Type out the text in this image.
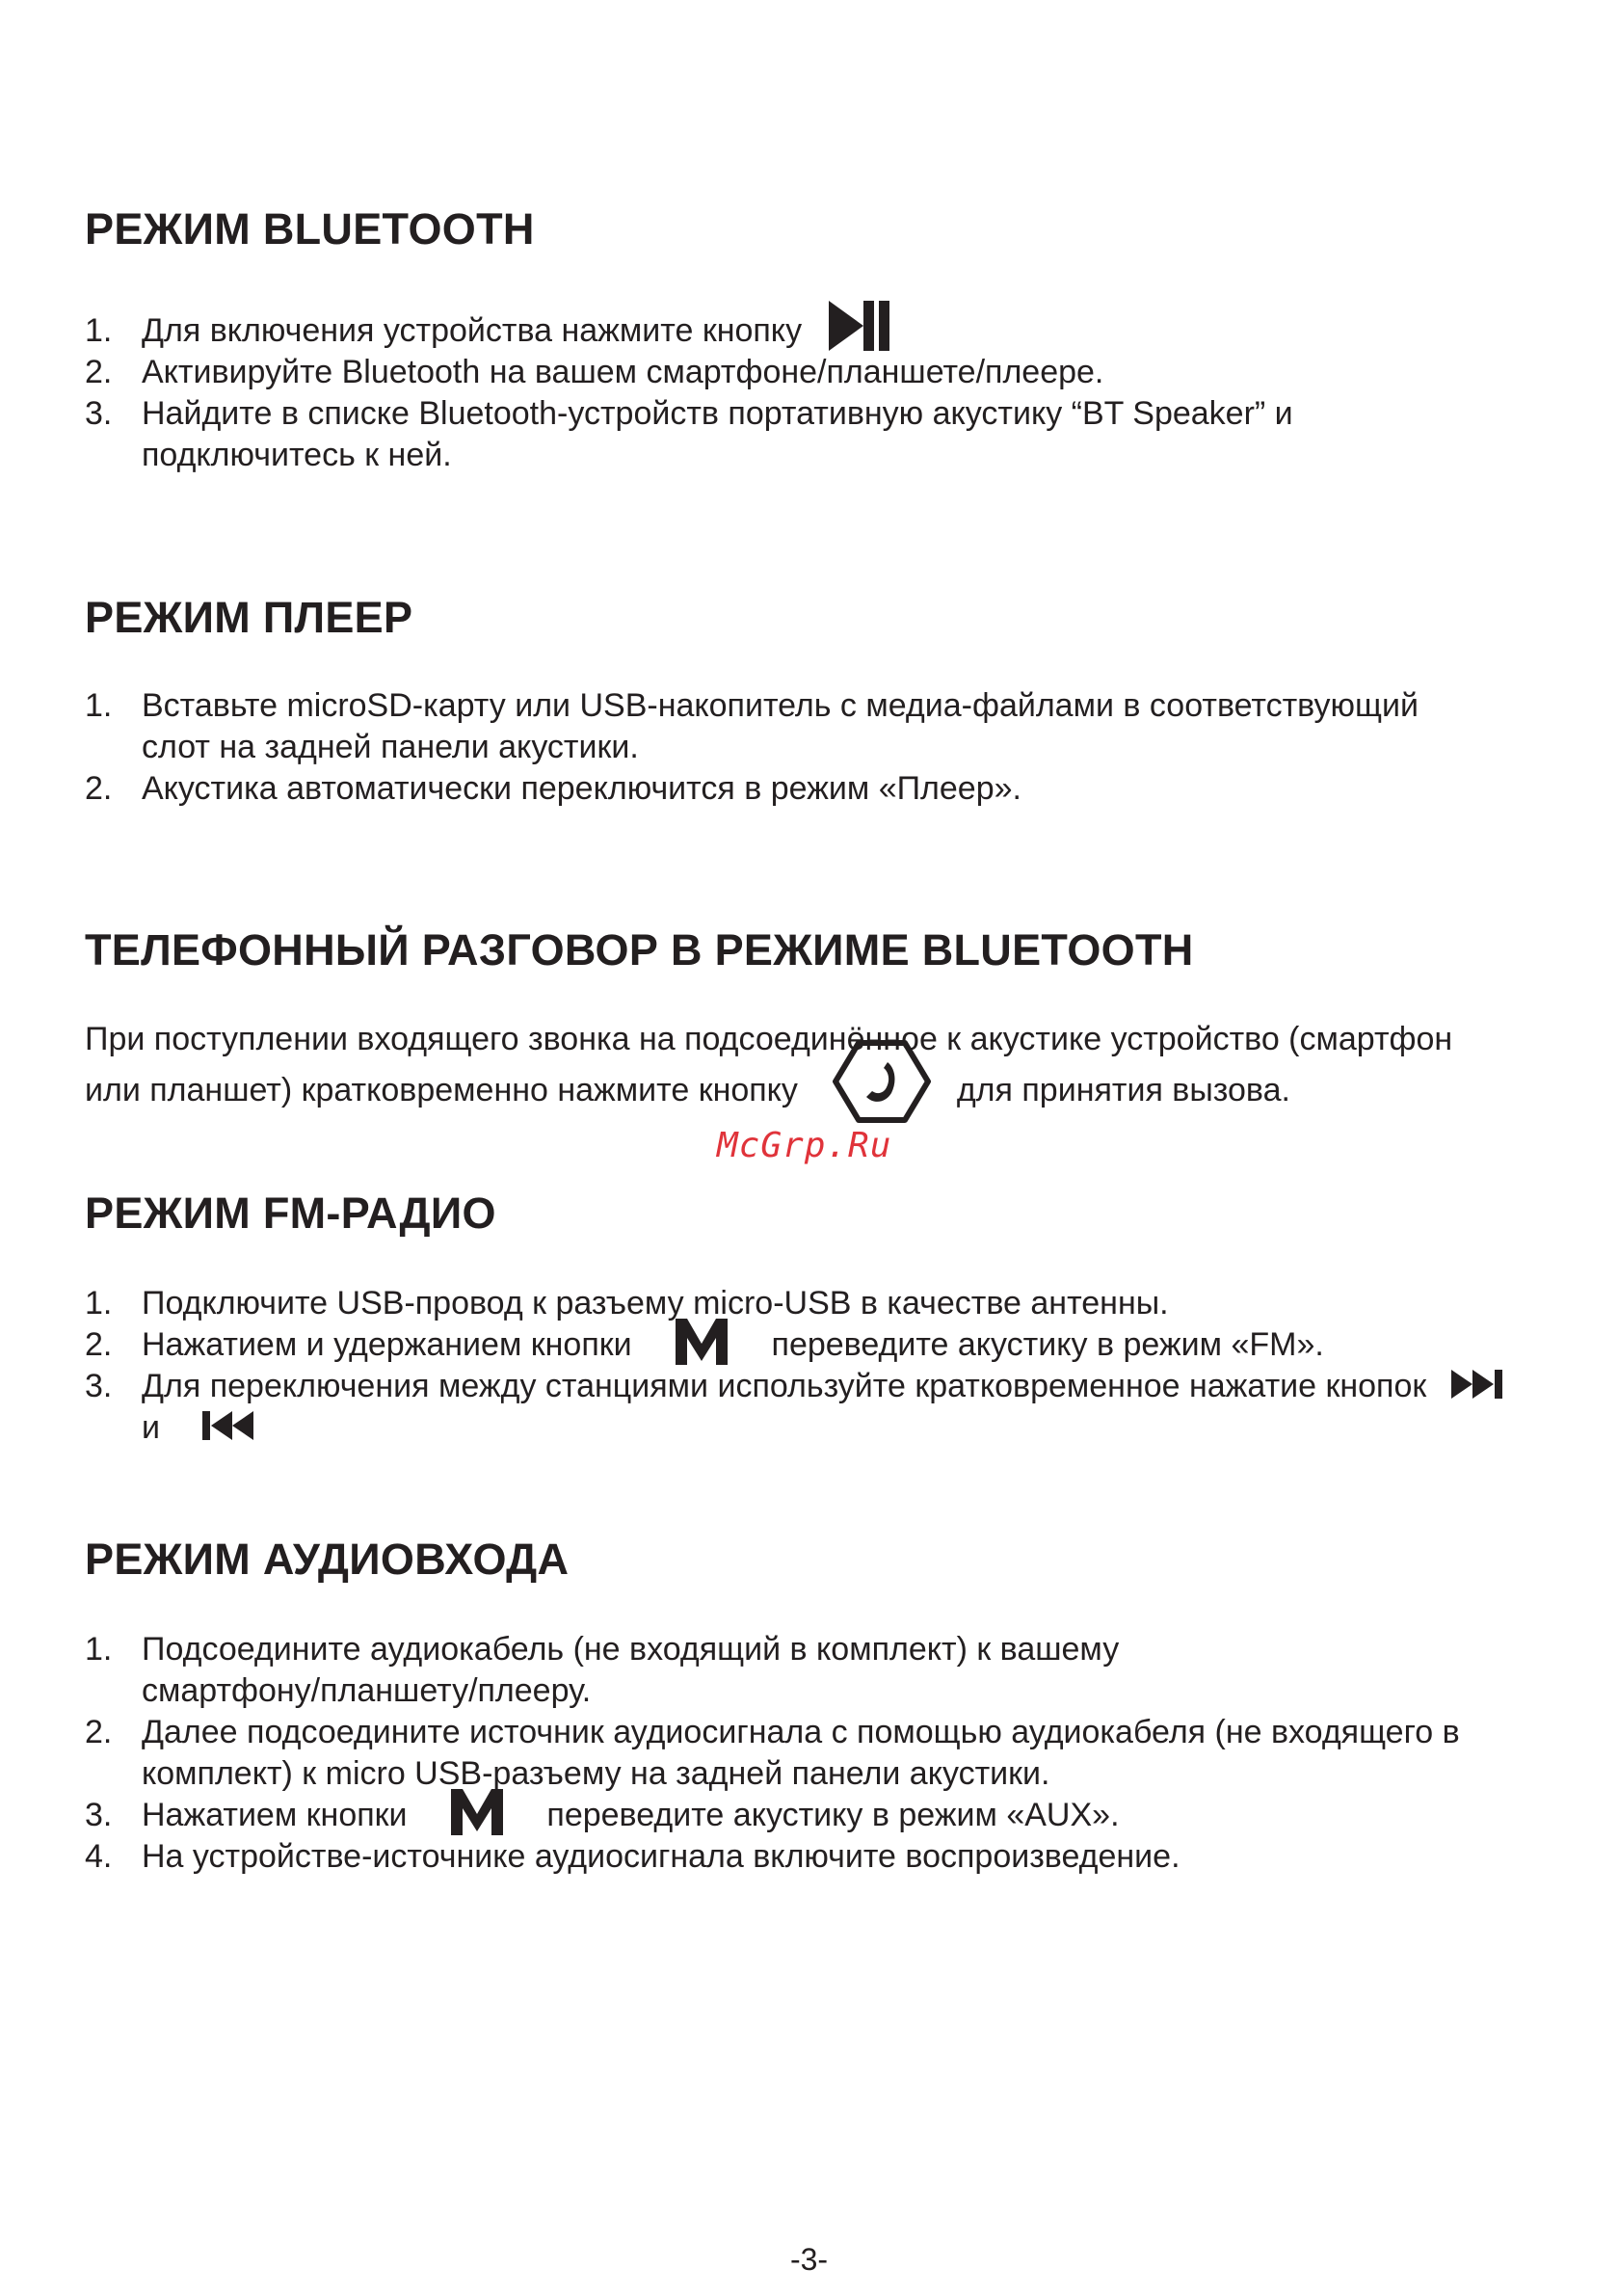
РЕЖИМ BLUETOOTH
1. Для включения устройства нажмите кнопку
2. Активируйте Bluetooth на вашем смартфоне/планшете/плеере.
3. Найдите в списке Bluetooth-устройств портативную акустику “BT Speaker” и
подключитесь к ней.
РЕЖИМ ПЛЕЕР
1. Вставьте microSD-карту или USB-накопитель с медиа-файлами в соответствующий
слот на задней панели акустики.
2. Акустика автоматически переключится в режим «Плеер».
ТЕЛЕФОННЫЙ РАЗГОВОР В РЕЖИМЕ BLUETOOTH
При поступлении входящего звонка на подсоединённое к акустике устройство (смартфон
или планшет) кратковременно нажмите кнопку	для принятия вызова.
McGrp.Ru
РЕЖИМ FM-РАДИО
1. Подключите USB-провод к разъему micro-USB в качестве антенны.
2. Нажатием и удержанием кнопки	переведите акустику в режим «FM».
3. Для переключения между станциями используйте кратковременное нажатие кнопок
и
РЕЖИМ АУДИОВХОДА
1. Подсоедините аудиокабель (не входящий в комплект) к вашему
смартфону/планшету/плееру.
2. Далее подсоедините источник аудиосигнала с помощью аудиокабеля (не входящего в
комплект) к micro USB-разъему на задней панели акустики.
3. Нажатием кнопки	переведите акустику в режим «AUX».
4. На устройстве-источнике аудиосигнала включите воспроизведение.
-3-
